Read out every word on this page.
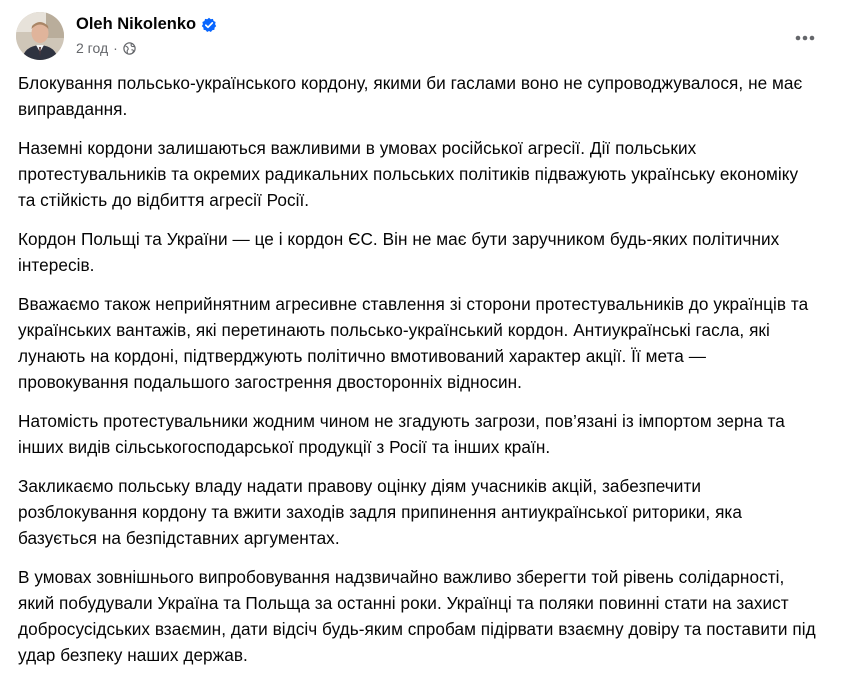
Oleh Nikolenko
2 год ·

Блокування польсько-українського кордону, якими би гаслами воно не супроводжувалося, не має виправдання.

Наземні кордони залишаються важливими в умовах російської агресії. Дії польських протестувальників та окремих радикальних польських політиків підважують українську економіку та стійкість до відбиття агресії Росії.

Кордон Польщі та України — це і кордон ЄС. Він не має бути заручником будь-яких політичних інтересів.

Вважаємо також неприйнятним агресивне ставлення зі сторони протестувальників до українців та українських вантажів, які перетинають польсько-український кордон. Антиукраїнські гасла, які лунають на кордоні, підтверджують політично вмотивований характер акції. Її мета — провокування подальшого загострення двосторонніх відносин.

Натомість протестувальники жодним чином не згадують загрози, пов’язані із імпортом зерна та інших видів сільськогосподарської продукції з Росії та інших країн.

Закликаємо польську владу надати правову оцінку діям учасників акцій, забезпечити розблокування кордону та вжити заходів задля припинення антиукраїнської риторики, яка базується на безпідставних аргументах.

В умовах зовнішнього випробовування надзвичайно важливо зберегти той рівень солідарності, який побудували Україна та Польща за останні роки. Українці та поляки повинні стати на захист добросусідських взаємин, дати відсіч будь-яким спробам підірвати взаємну довіру та поставити під удар безпеку наших держав.
